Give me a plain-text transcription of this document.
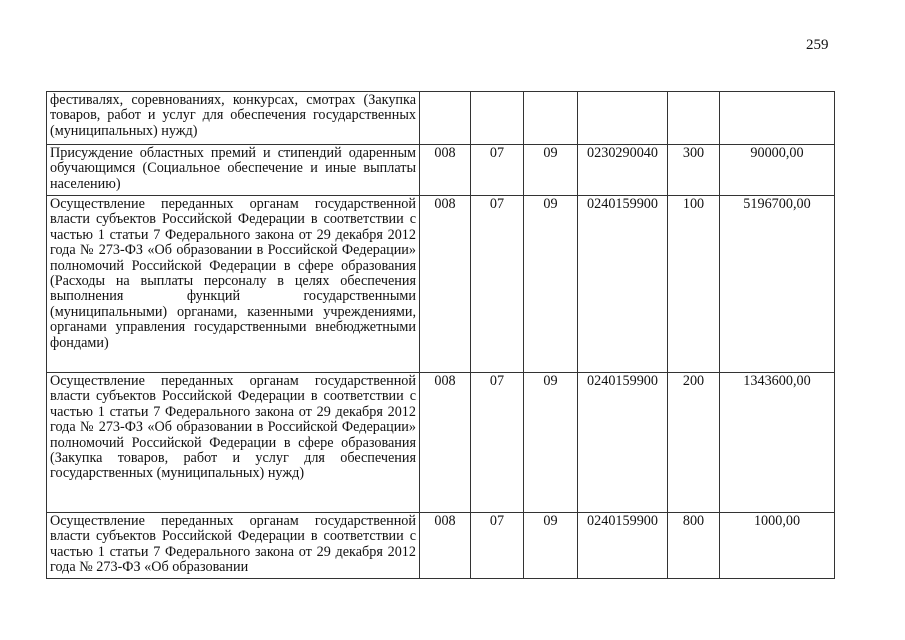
259
фестивалях, соревнованиях, конкурсах, смотрах (Закупка товаров, работ и услуг для обеспечения государственных (муниципальных) нужд)						
Присуждение областных премий и стипендий одаренным обучающимся (Социальное обеспечение и иные выплаты населению)	008	07	09	0230290040	300	90000,00
Осуществление переданных органам государственной власти субъектов Российской Федерации в соответствии с частью 1 статьи 7 Федерального закона от 29 декабря 2012 года № 273-ФЗ «Об образовании в Российской Федерации» полномочий Российской Федерации в сфере образования (Расходы на выплаты персоналу в целях обеспечения выполнения функций государственными (муниципальными) органами, казенными учреждениями, органами управления государственными внебюджетными фондами)	008	07	09	0240159900	100	5196700,00
Осуществление переданных органам государственной власти субъектов Российской Федерации в соответствии с частью 1 статьи 7 Федерального закона от 29 декабря 2012 года № 273-ФЗ «Об образовании в Российской Федерации» полномочий Российской Федерации в сфере образования (Закупка товаров, работ и услуг для обеспечения государственных (муниципальных) нужд)	008	07	09	0240159900	200	1343600,00
Осуществление переданных органам государственной власти субъектов Российской Федерации в соответствии с частью 1 статьи 7 Федерального закона от 29 декабря 2012 года № 273-ФЗ «Об образовании	008	07	09	0240159900	800	1000,00
